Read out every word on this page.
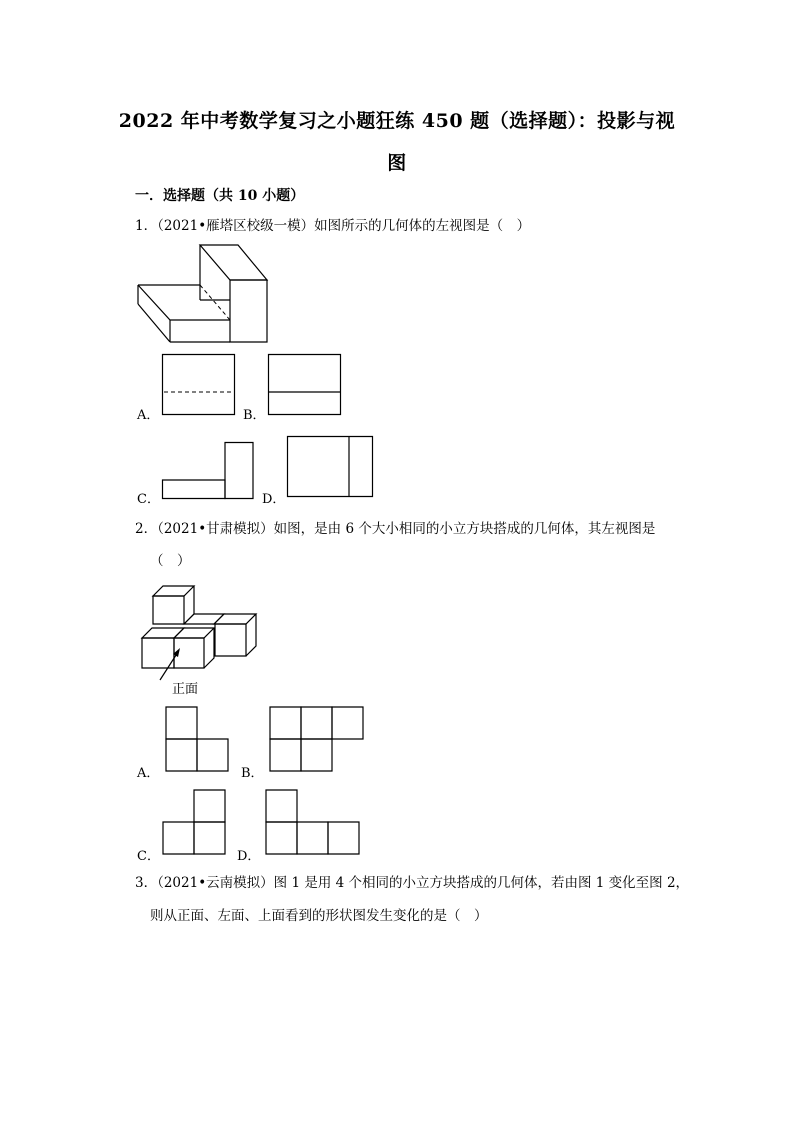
2022 年中考数学复习之小题狂练 450 题（选择题）：投影与视
图
一．选择题（共 10 小题）
1．（2021•雁塔区校级一模）如图所示的几何体的左视图是（　）
A．	B．
C．	D．
2．（2021•甘肃模拟）如图，是由 6 个大小相同的小立方块搭成的几何体，其左视图是
（　）
正面
A．	B．
C．	D．
3．（2021•云南模拟）图 1 是用 4 个相同的小立方块搭成的几何体，若由图 1 变化至图 2，
则从正面、左面、上面看到的形状图发生变化的是（　）
